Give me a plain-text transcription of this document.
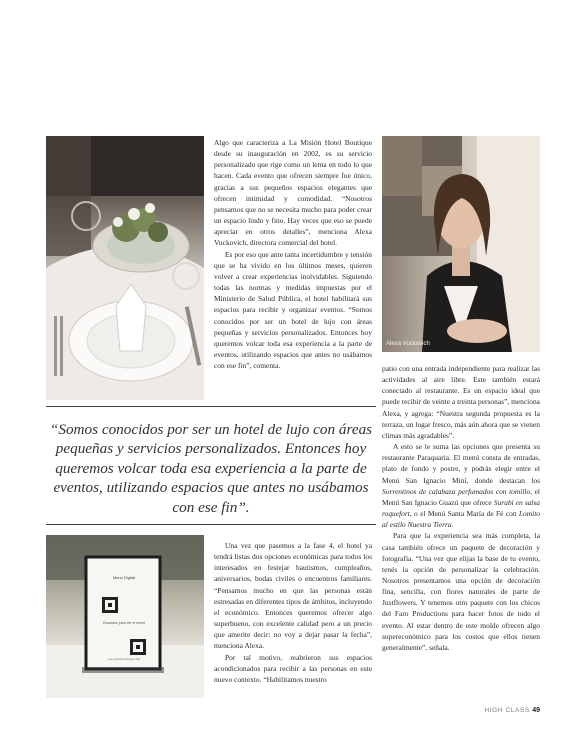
Algo que caracteriza a La Misión Hotel Boutique desde su inauguración en 2002, es su servicio personalizado que rige como un lema en todo lo que hacen. Cada evento que ofrecen siempre fue único, gracias a sus pequeños espacios elegantes que ofrecen intimidad y comodidad. “Nosotros pensamos que no se necesita mucho para poder crear un espacio lindo y fino. Hay veces que eso se puede apreciar en otros detalles”, menciona Alexa Vuckovich, directora comercial del hotel.

Es por eso que ante tanta incertidumbre y tensión que se ha vivido en los últimos meses, quieren volver a crear experiencias inolvidables. Siguiendo todas las normas y medidas impuestas por el Ministerio de Salud Pública, el hotel habilitará sus espacios para recibir y organizar eventos. “Somos conocidos por ser un hotel de lujo con áreas pequeñas y servicios personalizados. Entonces hoy queremos volcar toda esa experiencia a la parte de eventos, utilizando espacios que antes no usábamos con ese fin”, comenta.

Alexa Vuckovich

patio con una entrada independiente para realizar las actividades al aire libre. Este también estará conectado al restaurante. Es un espacio ideal que puede recibir de veinte a treinta personas”, menciona Alexa, y agrega: “Nuestra segunda propuesta es la terraza, un lugar fresco, más aún ahora que se vienen climas más agradables”.

A esto se le suma las opciones que presenta su restaurante Paraquaria. El menú consta de entradas, plato de fondo y postre, y podrás elegir entre el Menú San Ignacio Miní, donde destacan los Sorrentinos de calabaza perfumados con tomillo, el Menú San Ignacio Guazú que ofrece Surubí en salsa roquefort, o el Menú Santa María de Fé con Lomito al estilo Nuestra Tierra.

Para que la experiencia sea más completa, la casa también ofrece un paquete de decoración y fotografía. “Una vez que elijas la base de tu evento, tenés la opción de personalizar la celebración. Nosotros presentamos una opción de decoración fina, sencilla, con flores naturales de parte de Justflowers. Y tenemos otro paquete con los chicos del Faro Productions para hacer fotos de todo el evento. Al estar dentro de este molde ofrecen algo supereconómico para los costos que ellos tienen generalmente”, señala.

“Somos conocidos por ser un hotel de lujo con áreas pequeñas y servicios personalizados. Entonces hoy queremos volcar toda esa experiencia a la parte de eventos, utilizando espacios que antes no usábamos con ese fin”.
Menú Digital
Escanear para ver el menú
Los precios incluyen IVA

Una vez que pasemos a la fase 4, el hotel ya tendrá listas dos opciones económicas para todos los interesados en festejar bautismos, cumpleaños, aniversarios, bodas civiles o encuentros familiares. “Pensamos mucho en que las personas están estresadas en diferentes tipos de ámbitos, incluyendo el económico. Entonces queremos ofrecer algo superbueno, con excelente calidad pero a un precio que amerite decir: no voy a dejar pasar la fecha”, menciona Alexa.

Por tal motivo, reabrieron sus espacios acondicionados para recibir a las personas en este nuevo contexto. “Habilitamos nuestro

HIGH CLASS 49
